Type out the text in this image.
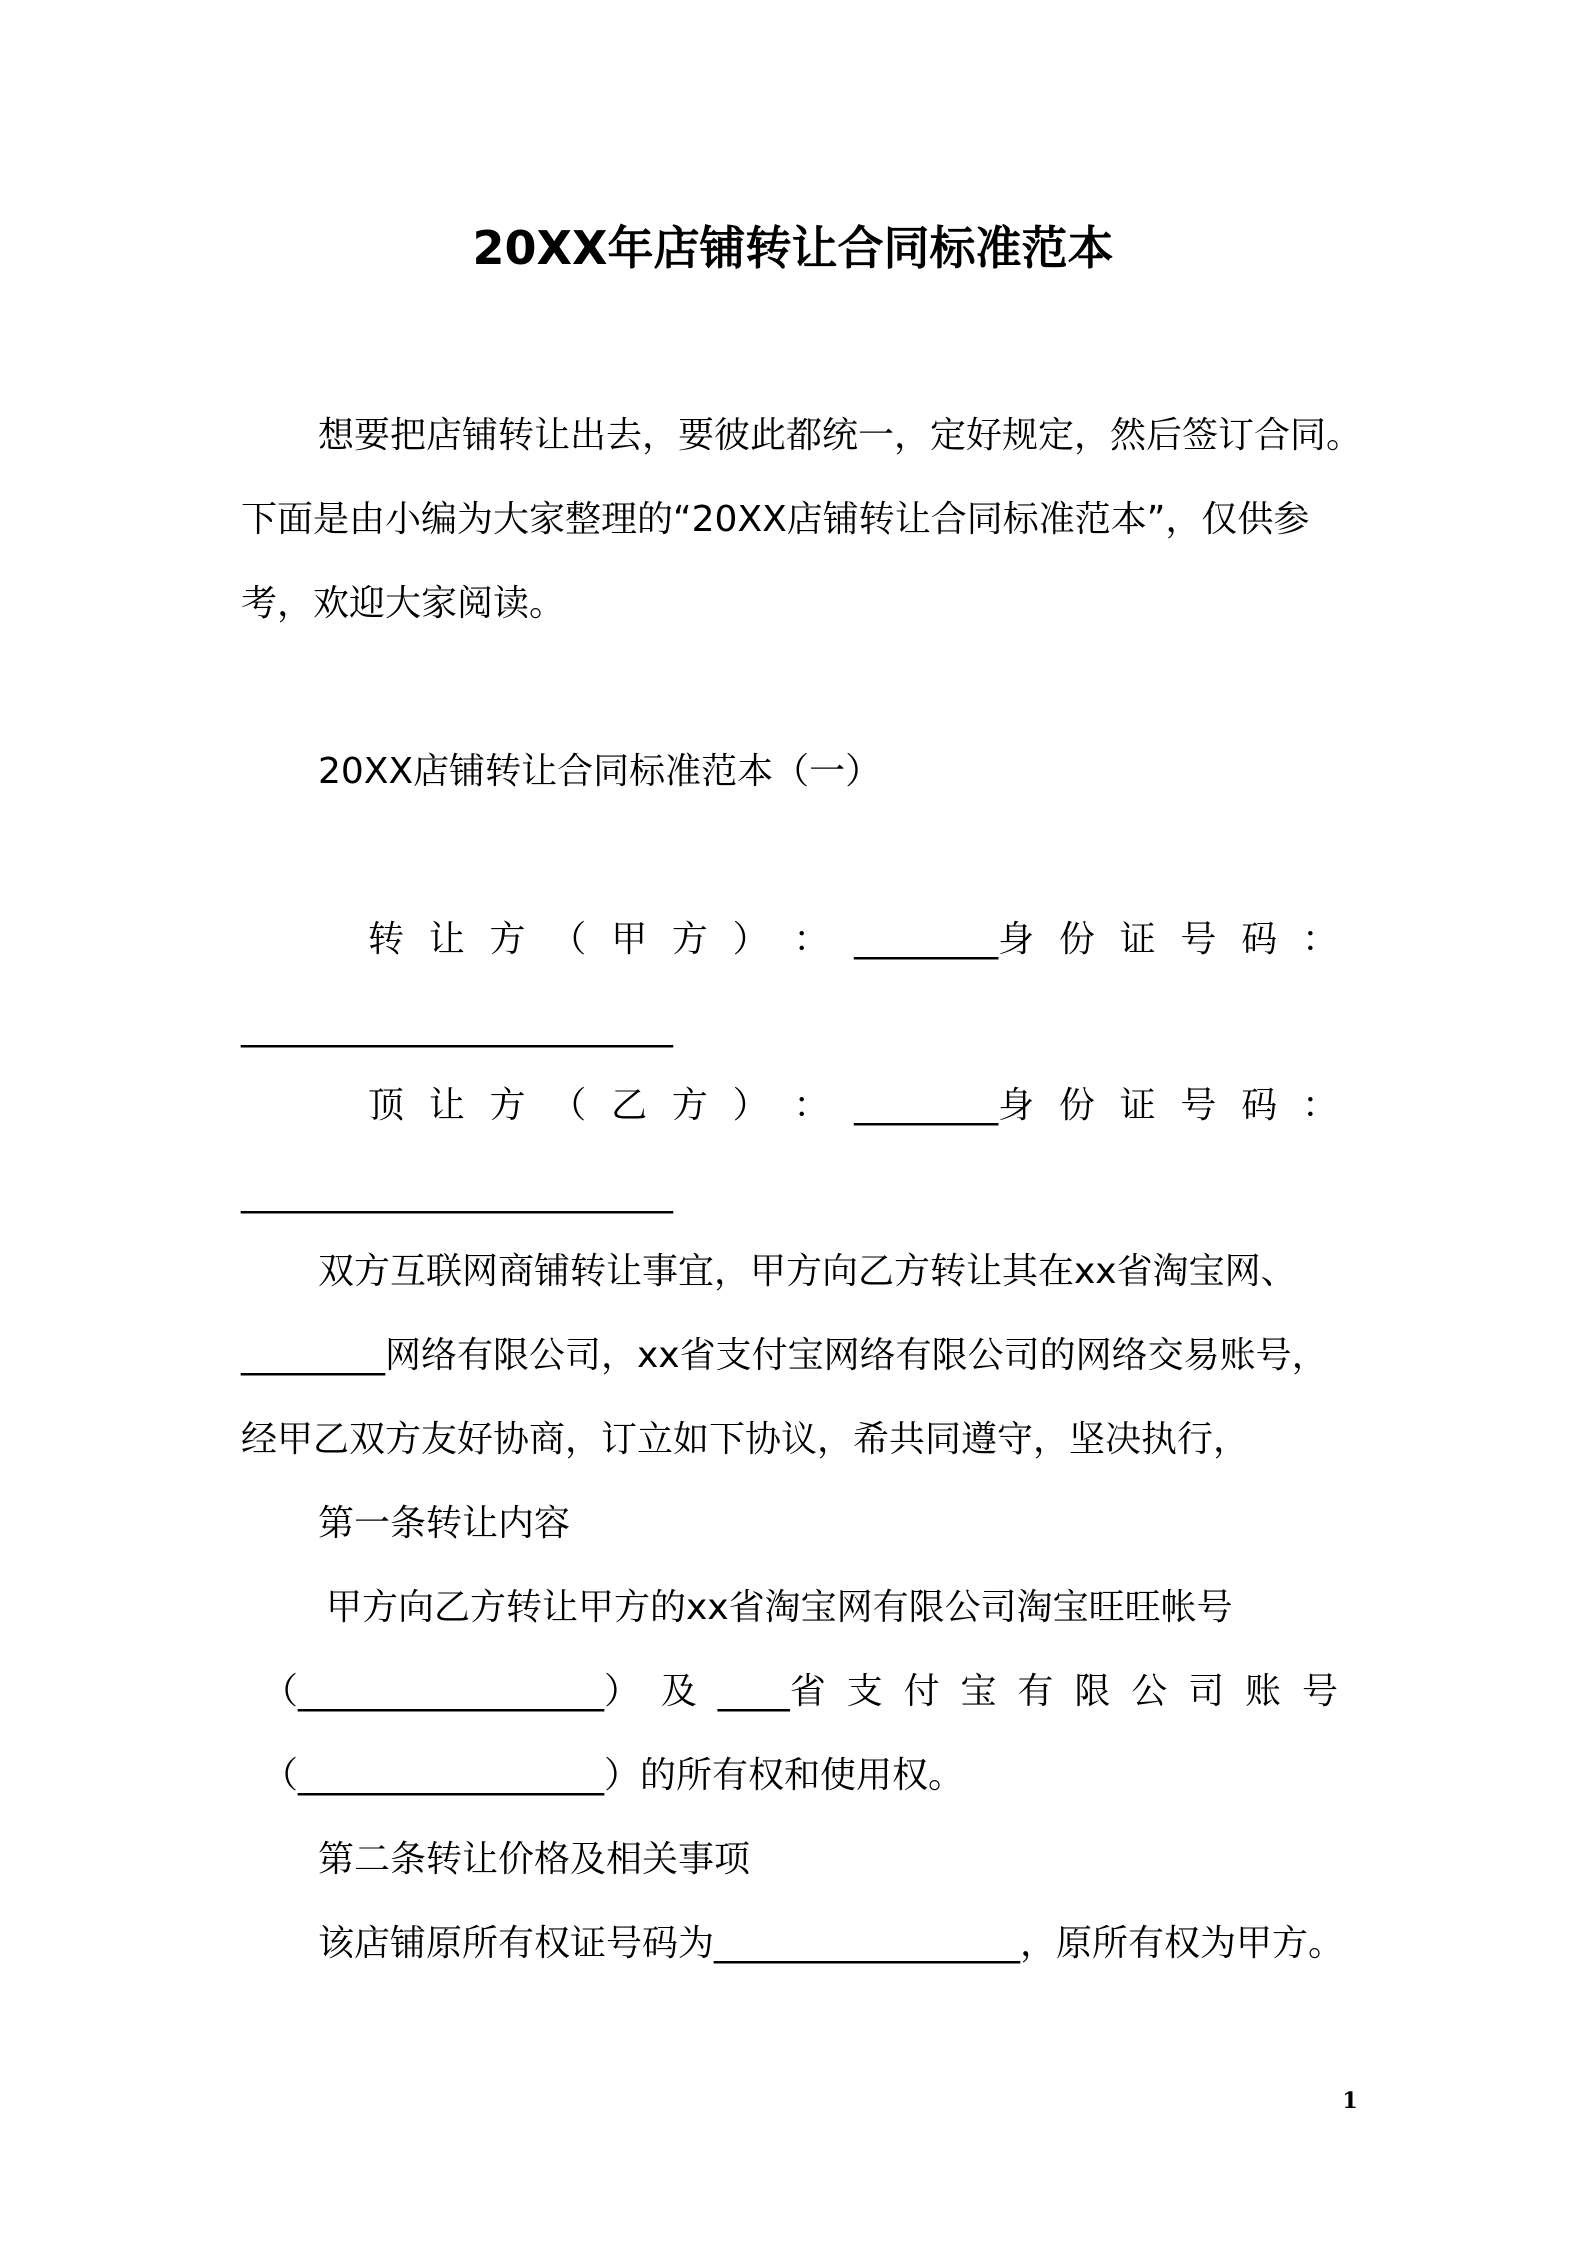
20XX年店铺转让合同标准范本
想要把店铺转让出去，要彼此都统一，定好规定，然后签订合同。
下面是由小编为大家整理的“20XX店铺转让合同标准范本”，仅供参
考，欢迎大家阅读。
20XX店铺转让合同标准范本（一）
转 让 方 （ 甲 方 ） ： ________身 份 证 号 码 ：
________________________
顶 让 方 （ 乙 方 ） ： ________身 份 证 号 码 ：
________________________
双方互联网商铺转让事宜，甲方向乙方转让其在xx省淘宝网、
________网络有限公司，xx省支付宝网络有限公司的网络交易账号，
经甲乙双方友好协商，订立如下协议，希共同遵守，坚决执行，
第一条转让内容
甲方向乙方转让甲方的xx省淘宝网有限公司淘宝旺旺帐号
（_________________） 及 ____省 支 付 宝 有 限 公 司 账 号
（_________________）的所有权和使用权。
第二条转让价格及相关事项
该店铺原所有权证号码为_________________，原所有权为甲方。
1
